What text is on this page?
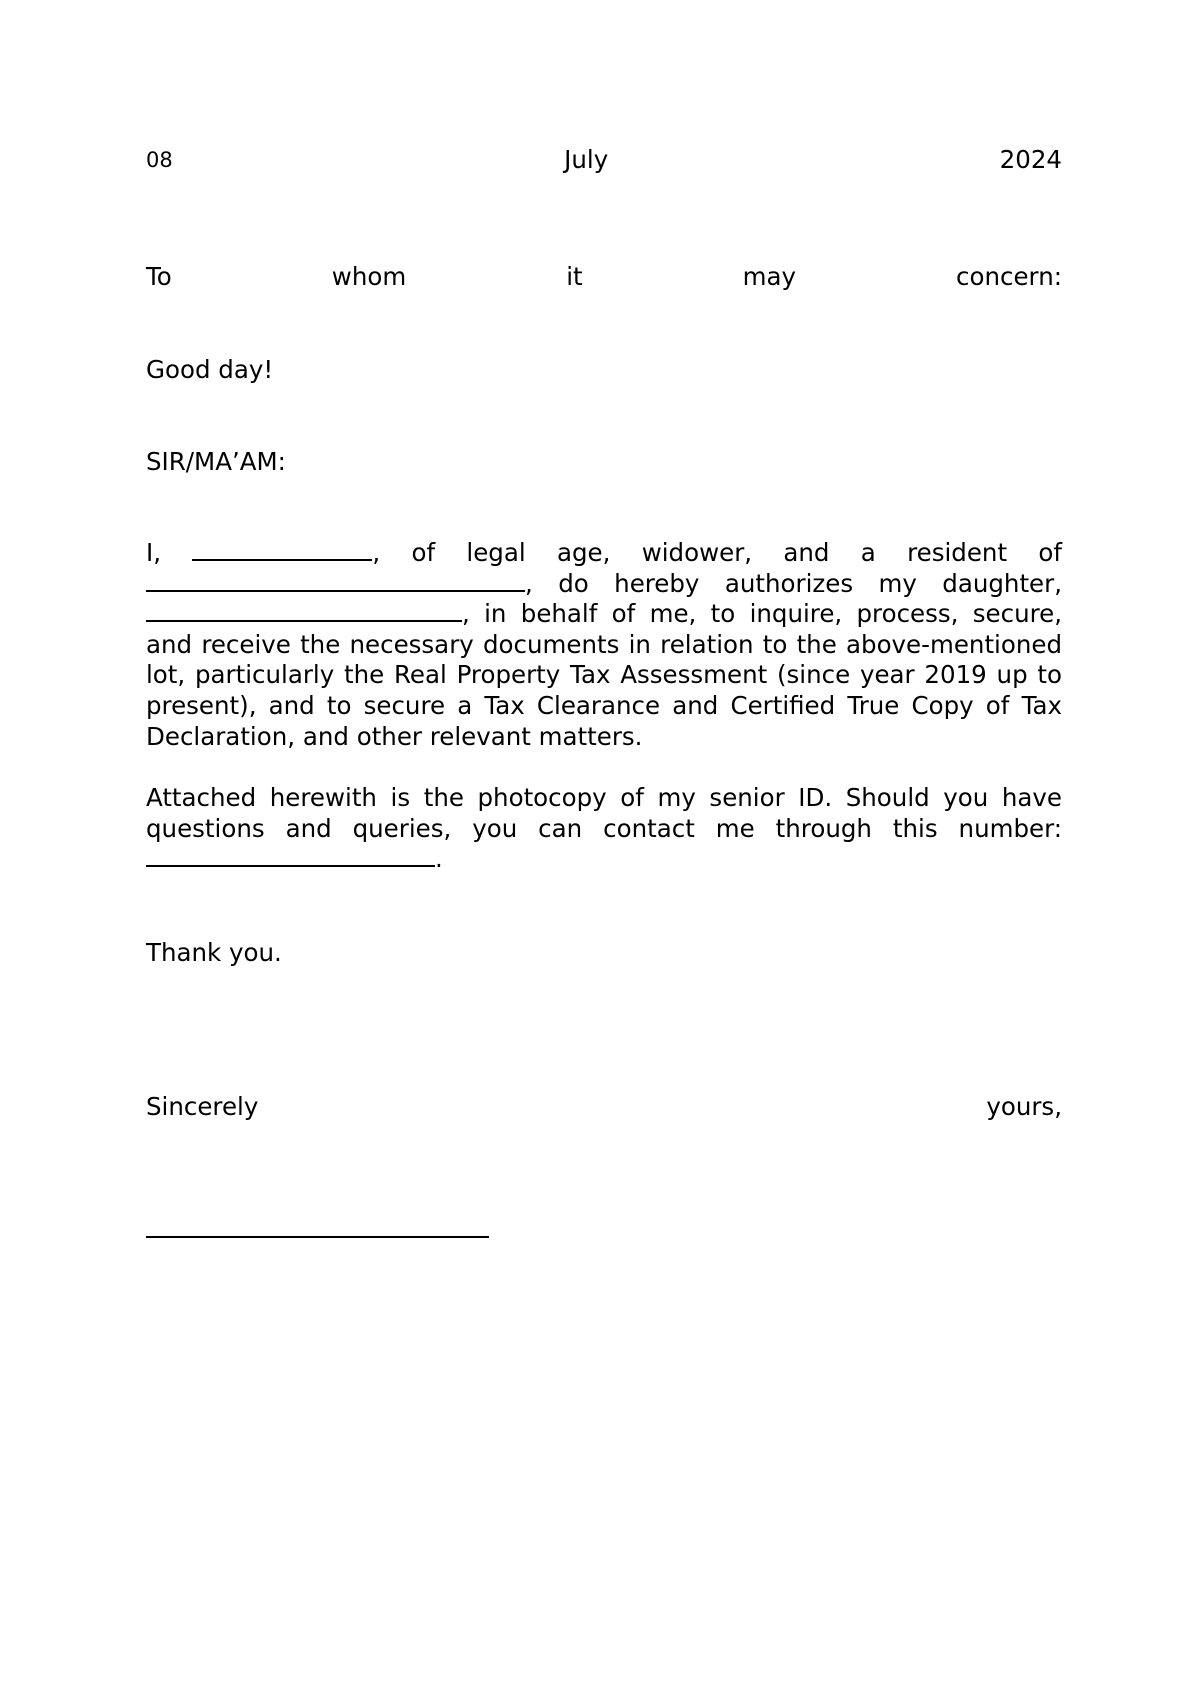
08	July	2024
To	whom	it	may	concern:
Good day!
SIR/MA’AM:
I,	, of legal age, widower, and a resident of , do hereby authorizes my daughter, , in behalf of me, to inquire, process, secure, and receive the necessary documents in relation to the above-mentioned lot, particularly the Real Property Tax Assessment (since year 2019 up to present), and to secure a Tax Clearance and Certified True Copy of Tax Declaration, and other relevant matters.
Attached herewith is the photocopy of my senior ID. Should you have questions and queries, you can contact me through this number: .
Thank you.
Sincerely	yours,
